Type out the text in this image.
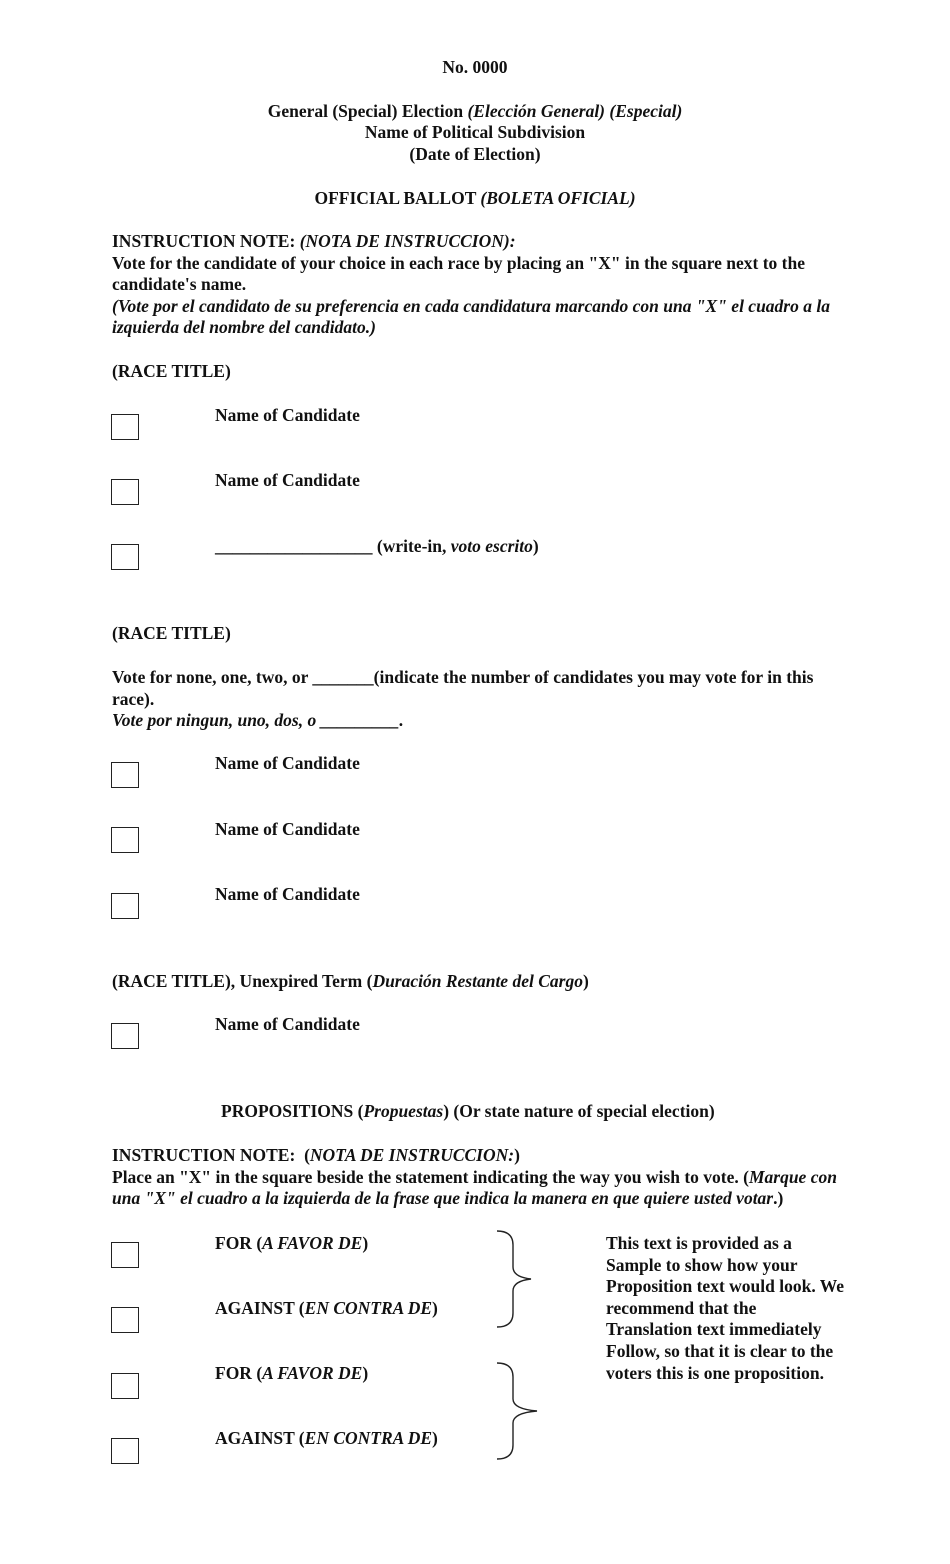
No. 0000
General (Special) Election (Elección General) (Especial)
Name of Political Subdivision
(Date of Election)
OFFICIAL BALLOT (BOLETA OFICIAL)
INSTRUCTION NOTE: (NOTA DE INSTRUCCION):
Vote for the candidate of your choice in each race by placing an "X" in the square next to the candidate's name.
(Vote por el candidato de su preferencia en cada candidatura marcando con una "X" el cuadro a la izquierda del nombre del candidato.)
(RACE TITLE)
Name of Candidate
Name of Candidate
__________________ (write-in, voto escrito)
(RACE TITLE)
Vote for none, one, two, or _______(indicate the number of candidates you may vote for in this race).
Vote por ningun, uno, dos, o _________.
Name of Candidate
Name of Candidate
Name of Candidate
(RACE TITLE), Unexpired Term (Duración Restante del Cargo)
Name of Candidate
PROPOSITIONS (Propuestas) (Or state nature of special election)
INSTRUCTION NOTE: (NOTA DE INSTRUCCION:)
Place an "X" in the square beside the statement indicating the way you wish to vote. (Marque con una "X" el cuadro a la izquierda de la frase que indica la manera en que quiere usted votar.)
FOR (A FAVOR DE)
AGAINST (EN CONTRA DE)
FOR (A FAVOR DE)
AGAINST (EN CONTRA DE)
This text is provided as a Sample to show how your Proposition text would look. We recommend that the Translation text immediately Follow, so that it is clear to the voters this is one proposition.
